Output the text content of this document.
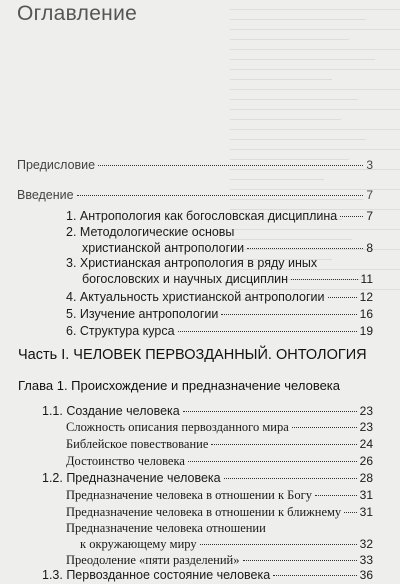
Оглавление
Предисловие	3
Введение	7
1. Антропология как богословская дисциплина 7
2. Методологические основы
христианской антропологии	8
3. Христианская антропология в ряду иных
богословских и научных дисциплин	11
4. Актуальность христианской антропологии	12
5. Изучение антропологии	16
6. Структура курса	19
Часть I. ЧЕЛОВЕК ПЕРВОЗДАННЫЙ. ОНТОЛОГИЯ
Глава 1. Происхождение и предназначение человека
1.1. Создание человека	23
Сложность описания первозданного мира	23
Библейское повествование	24
Достоинство человека	26
1.2. Предназначение человека	28
Предназначение человека в отношении к Богу	31
Предназначение человека в отношении к ближнему 31
Предназначение человека отношении
к окружающему миру	32
Преодоление «пяти разделений»	33
1.3. Первозданное состояние человека	36
